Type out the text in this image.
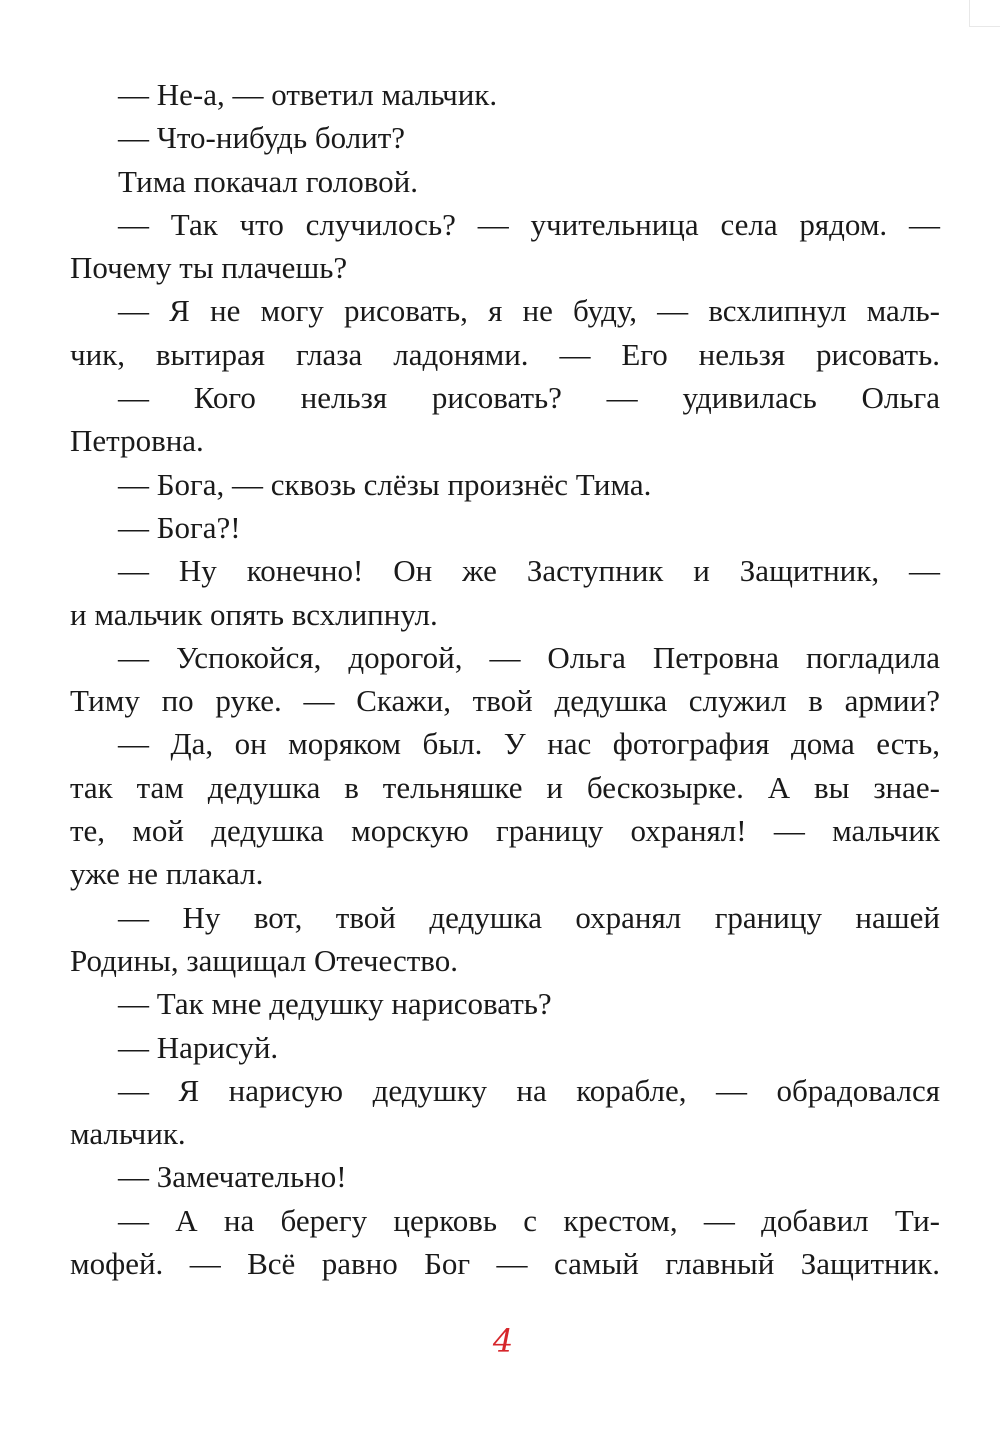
— Не-а, — ответил мальчик.
— Что-нибудь болит?
Тима покачал головой.
— Так что случилось? — учительница села рядом. —
Почему ты плачешь?
— Я не могу рисовать, я не буду, — всхлипнул маль-
чик, вытирая глаза ладонями. — Его нельзя рисовать.
— Кого нельзя рисовать? — удивилась Ольга
Петровна.
— Бога, — сквозь слёзы произнёс Тима.
— Бога?!
— Ну конечно! Он же Заступник и Защитник, —
и мальчик опять всхлипнул.
— Успокойся, дорогой, — Ольга Петровна погладила
Тиму по руке. — Скажи, твой дедушка служил в армии?
— Да, он моряком был. У нас фотография дома есть,
так там дедушка в тельняшке и бескозырке. А вы знае-
те, мой дедушка морскую границу охранял! — мальчик
уже не плакал.
— Ну вот, твой дедушка охранял границу нашей
Родины, защищал Отечество.
— Так мне дедушку нарисовать?
— Нарисуй.
— Я нарисую дедушку на корабле, — обрадовался
мальчик.
— Замечательно!
— А на берегу церковь с крестом, — добавил Ти-
мофей. — Всё равно Бог — самый главный Защитник.
4
